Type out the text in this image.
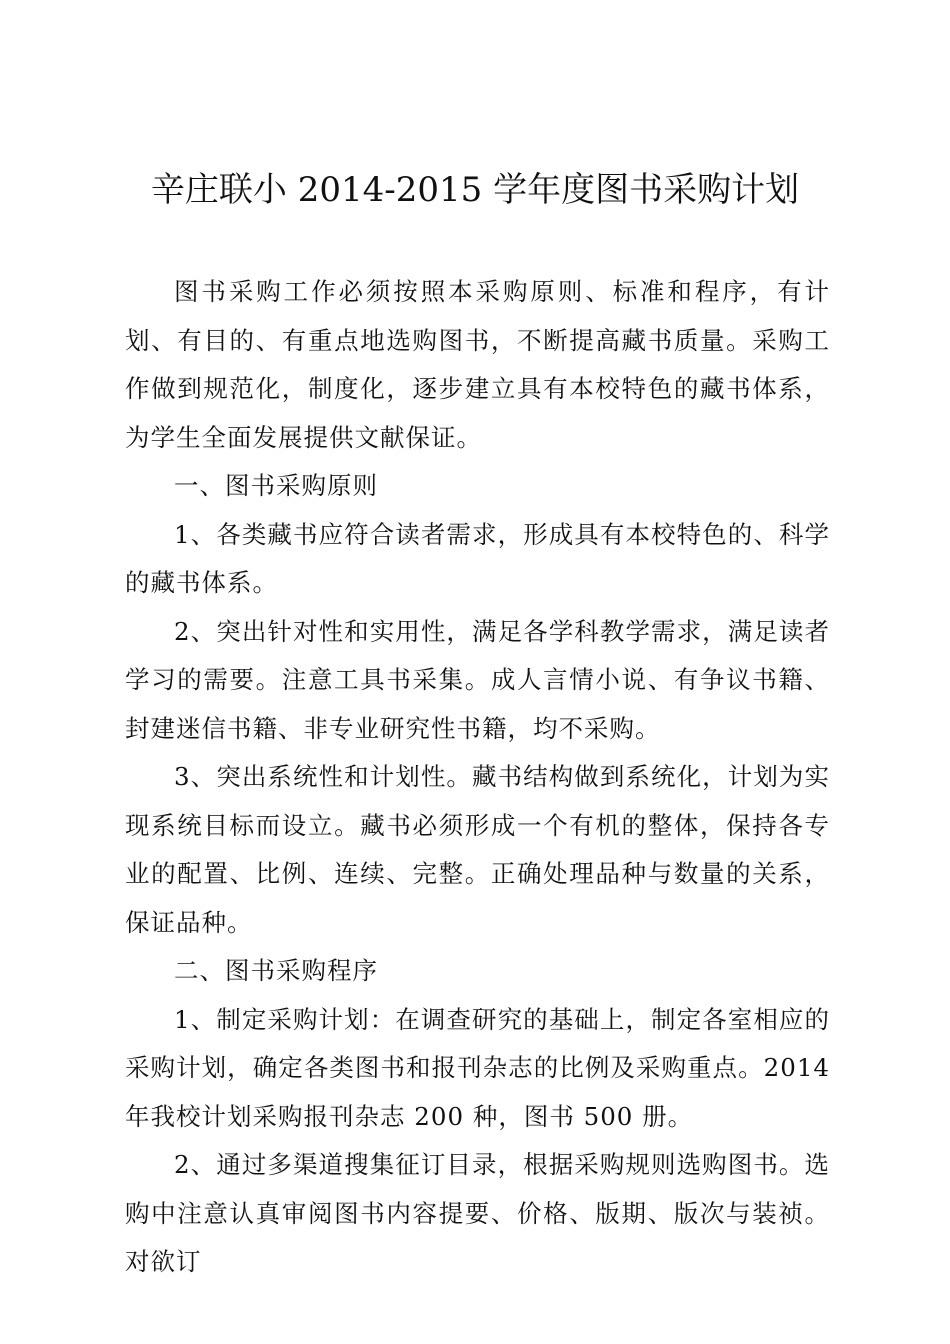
辛庄联小 2014-2015 学年度图书采购计划

图书采购工作必须按照本采购原则、标准和程序，有计划、有目的、有重点地选购图书，不断提高藏书质量。采购工作做到规范化，制度化，逐步建立具有本校特色的藏书体系，为学生全面发展提供文献保证。

一、图书采购原则

1、各类藏书应符合读者需求，形成具有本校特色的、科学的藏书体系。

2、突出针对性和实用性，满足各学科教学需求，满足读者学习的需要。注意工具书采集。成人言情小说、有争议书籍、封建迷信书籍、非专业研究性书籍，均不采购。

3、突出系统性和计划性。藏书结构做到系统化，计划为实现系统目标而设立。藏书必须形成一个有机的整体，保持各专业的配置、比例、连续、完整。正确处理品种与数量的关系，保证品种。

二、图书采购程序

1、制定采购计划：在调查研究的基础上，制定各室相应的采购计划，确定各类图书和报刊杂志的比例及采购重点。2014 年我校计划采购报刊杂志 200 种，图书 500 册。

2、通过多渠道搜集征订目录，根据采购规则选购图书。选购中注意认真审阅图书内容提要、价格、版期、版次与装祯。对欲订
